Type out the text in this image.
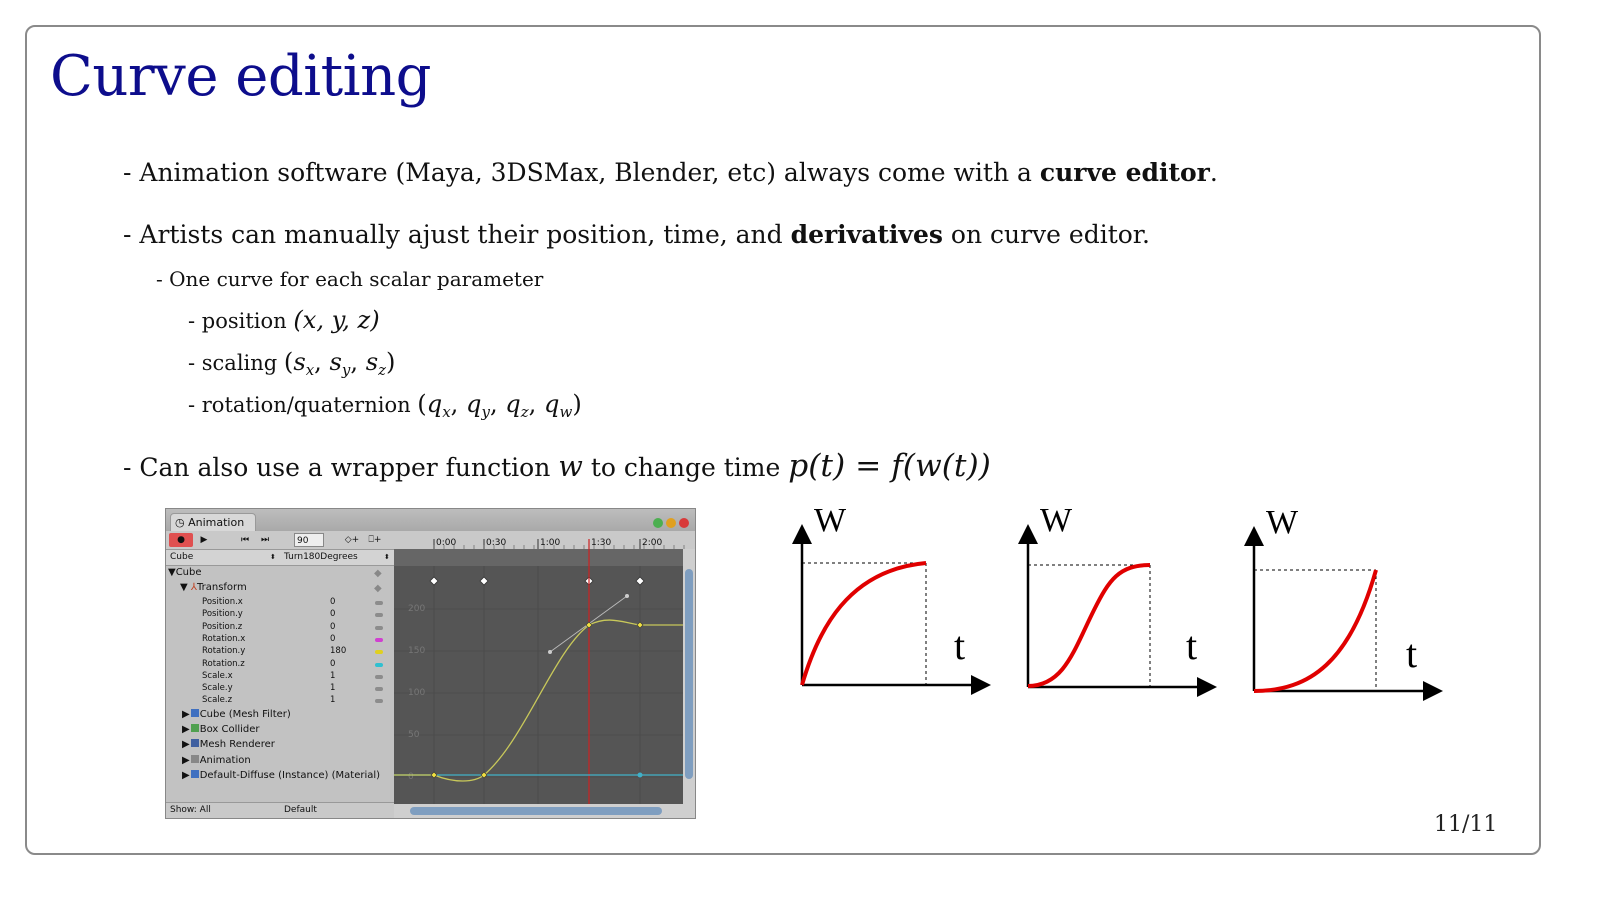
Curve editing

- Animation software (Maya, 3DSMax, Blender, etc) always come with a curve editor.

- Artists can manually ajust their position, time, and derivatives on curve editor.

- One curve for each scalar parameter

- position (x, y, z)

- scaling ($s_x$, $s_y$, $s_z$)

- rotation/quaternion ($q_x$, $q_y$, $q_z$, $q_w$)

- Can also use a wrapper function w to change time p(t) = f(w(t))

◷ Animation
●	▶	⏮	⏭	90	◇+	⎕+
Cube	⬍ Turn180Degrees	⬍
▼Cube
▼ ⅄Transform
Position.x	0
Position.y	0
Position.z	0
Rotation.x	0
Rotation.y	180
Rotation.z	0
Scale.x	1
Scale.y	1
Scale.z	1
▶ Cube (Mesh Filter)
▶ Box Collider
▶ Mesh Renderer
▶ Animation
▶ Default-Diffuse (Instance) (Material)
◆
◆
Show: All	Default
0:00	0:30	1:00	1:30	2:00
200
150
100
50
0
W
t
W
t
W
t
11/11
